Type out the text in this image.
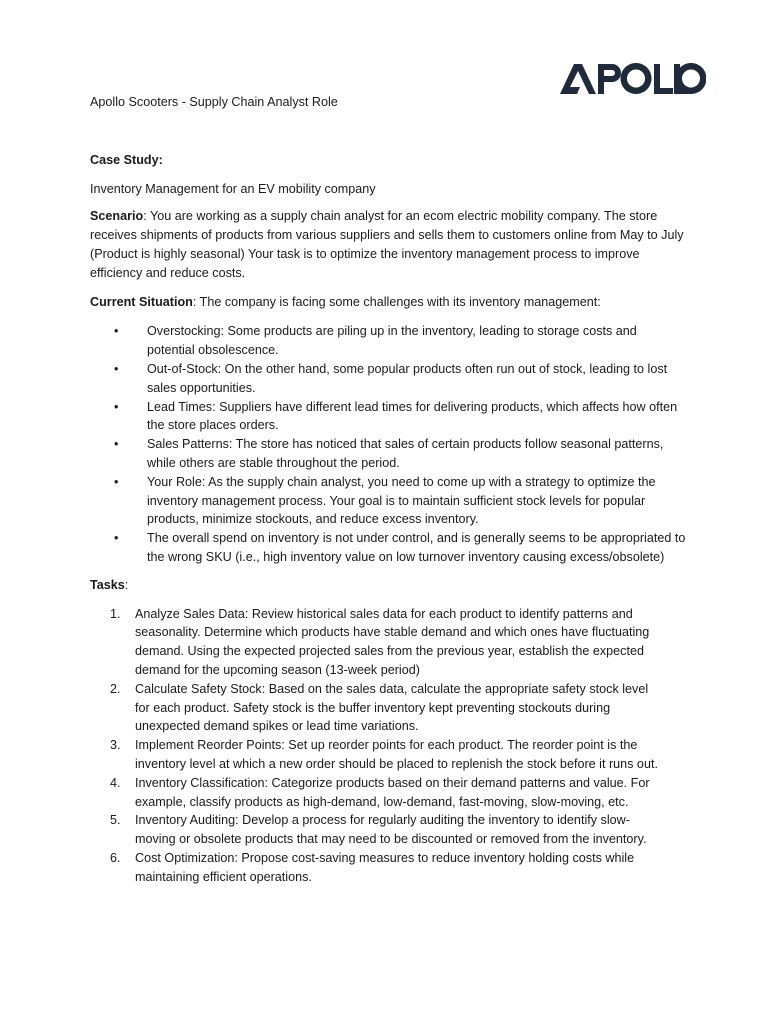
Apollo Scooters - Supply Chain Analyst Role

Case Study:

Inventory Management for an EV mobility company

Scenario: You are working as a supply chain analyst for an ecom electric mobility company. The store receives shipments of products from various suppliers and sells them to customers online from May to July (Product is highly seasonal) Your task is to optimize the inventory management process to improve efficiency and reduce costs.

Current Situation: The company is facing some challenges with its inventory management:

• Overstocking: Some products are piling up in the inventory, leading to storage costs and potential obsolescence.
• Out-of-Stock: On the other hand, some popular products often run out of stock, leading to lost sales opportunities.
• Lead Times: Suppliers have different lead times for delivering products, which affects how often the store places orders.
• Sales Patterns: The store has noticed that sales of certain products follow seasonal patterns, while others are stable throughout the period.
• Your Role: As the supply chain analyst, you need to come up with a strategy to optimize the inventory management process. Your goal is to maintain sufficient stock levels for popular products, minimize stockouts, and reduce excess inventory.
• The overall spend on inventory is not under control, and is generally seems to be appropriated to the wrong SKU (i.e., high inventory value on low turnover inventory causing excess/obsolete)

Tasks:

1. Analyze Sales Data: Review historical sales data for each product to identify patterns and seasonality. Determine which products have stable demand and which ones have fluctuating demand. Using the expected projected sales from the previous year, establish the expected demand for the upcoming season (13-week period)
2. Calculate Safety Stock: Based on the sales data, calculate the appropriate safety stock level for each product. Safety stock is the buffer inventory kept preventing stockouts during unexpected demand spikes or lead time variations.
3. Implement Reorder Points: Set up reorder points for each product. The reorder point is the inventory level at which a new order should be placed to replenish the stock before it runs out.
4. Inventory Classification: Categorize products based on their demand patterns and value. For example, classify products as high-demand, low-demand, fast-moving, slow-moving, etc.
5. Inventory Auditing: Develop a process for regularly auditing the inventory to identify slow-moving or obsolete products that may need to be discounted or removed from the inventory.
6. Cost Optimization: Propose cost-saving measures to reduce inventory holding costs while maintaining efficient operations.
